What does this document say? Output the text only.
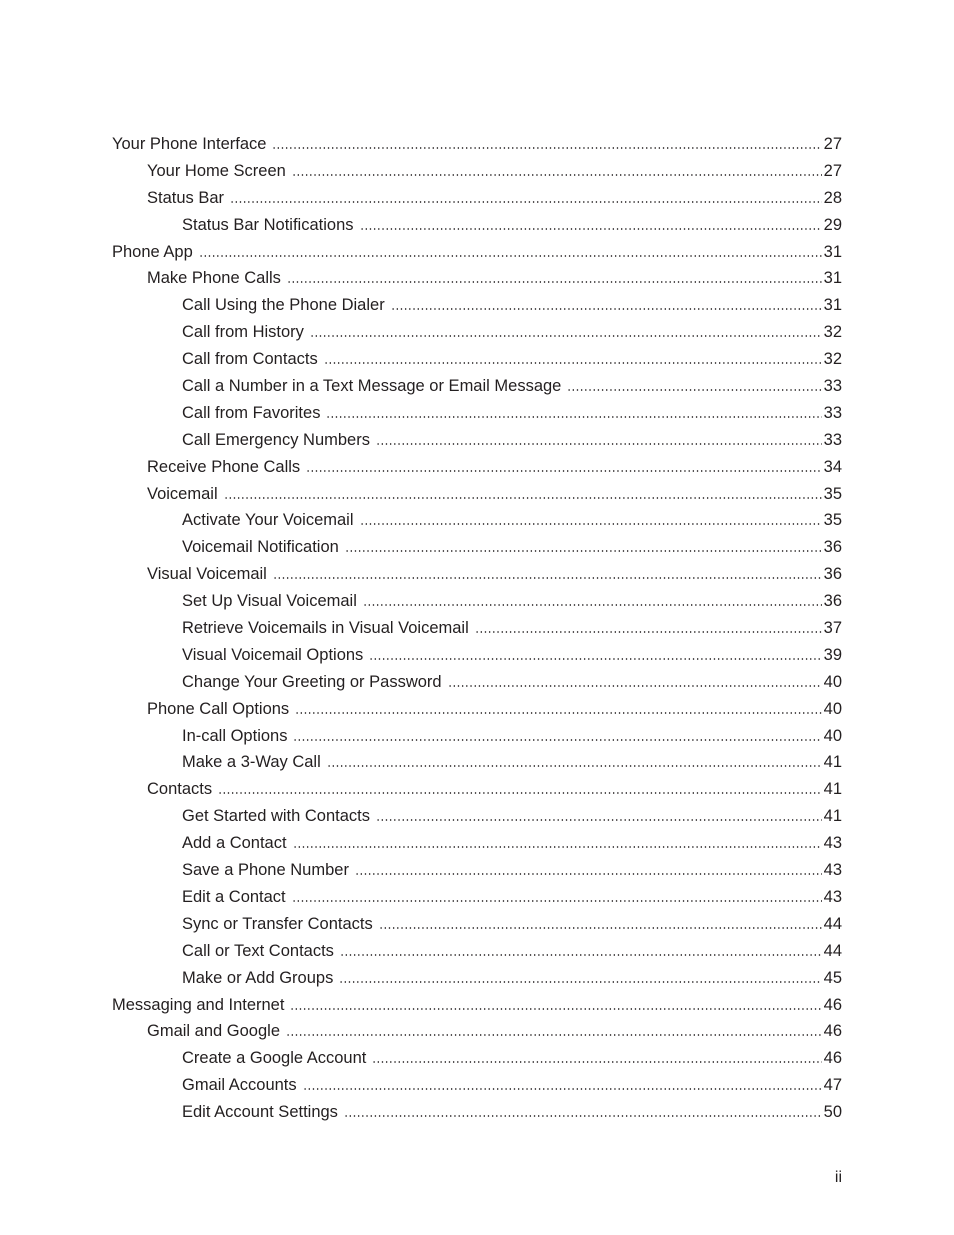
Your Phone Interface	27
Your Home Screen	27
Status Bar	28
Status Bar Notifications	29
Phone App	31
Make Phone Calls	31
Call Using the Phone Dialer	31
Call from History	32
Call from Contacts	32
Call a Number in a Text Message or Email Message	33
Call from Favorites	33
Call Emergency Numbers	33
Receive Phone Calls	34
Voicemail	35
Activate Your Voicemail	35
Voicemail Notification	36
Visual Voicemail	36
Set Up Visual Voicemail	36
Retrieve Voicemails in Visual Voicemail	37
Visual Voicemail Options	39
Change Your Greeting or Password	40
Phone Call Options	40
In-call Options	40
Make a 3-Way Call	41
Contacts	41
Get Started with Contacts	41
Add a Contact	43
Save a Phone Number	43
Edit a Contact	43
Sync or Transfer Contacts	44
Call or Text Contacts	44
Make or Add Groups	45
Messaging and Internet	46
Gmail and Google	46
Create a Google Account	46
Gmail Accounts	47
Edit Account Settings	50
ii
